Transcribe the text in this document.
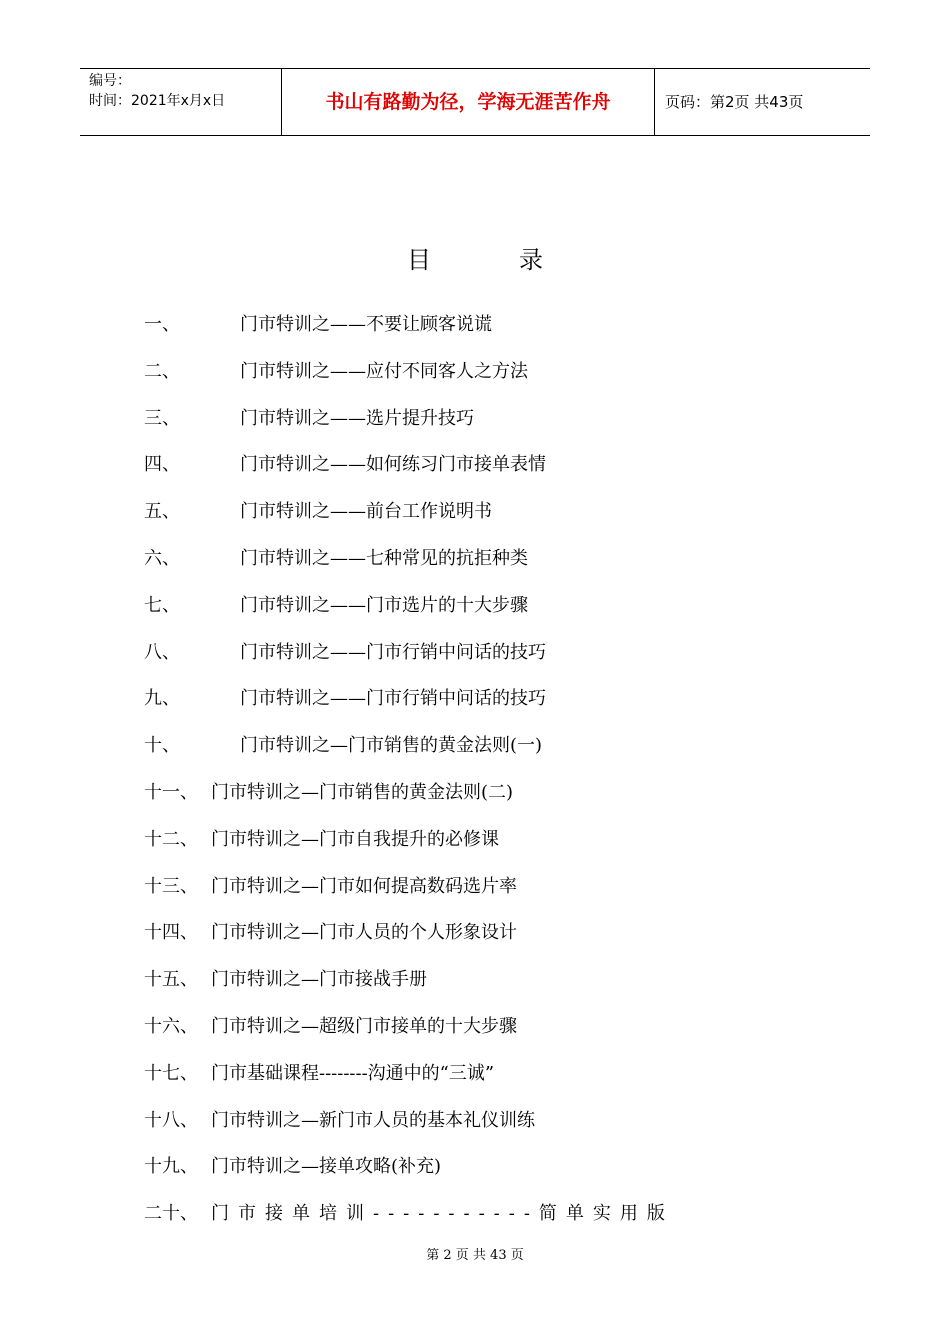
编号：
时间：2021年x月x日	书山有路勤为径，学海无涯苦作舟	页码：第2页 共43页
目	录
一、	门市特训之——不要让顾客说谎
二、	门市特训之——应付不同客人之方法
三、	门市特训之——选片提升技巧
四、	门市特训之——如何练习门市接单表情
五、	门市特训之——前台工作说明书
六、	门市特训之——七种常见的抗拒种类
七、	门市特训之——门市选片的十大步骤
八、	门市特训之——门市行销中问话的技巧
九、	门市特训之——门市行销中问话的技巧
十、	门市特训之—门市销售的黄金法则(一)
十一、 门市特训之—门市销售的黄金法则(二)
十二、 门市特训之—门市自我提升的必修课
十三、 门市特训之—门市如何提高数码选片率
十四、 门市特训之—门市人员的个人形象设计
十五、 门市特训之—门市接战手册
十六、 门市特训之—超级门市接单的十大步骤
十七、 门市基础课程--------沟通中的“三诚”
十八、 门市特训之—新门市人员的基本礼仪训练
十九、 门市特训之—接单攻略(补充)
二十、 门市接单培训-----------简单实用版
第 2 页 共 43 页
